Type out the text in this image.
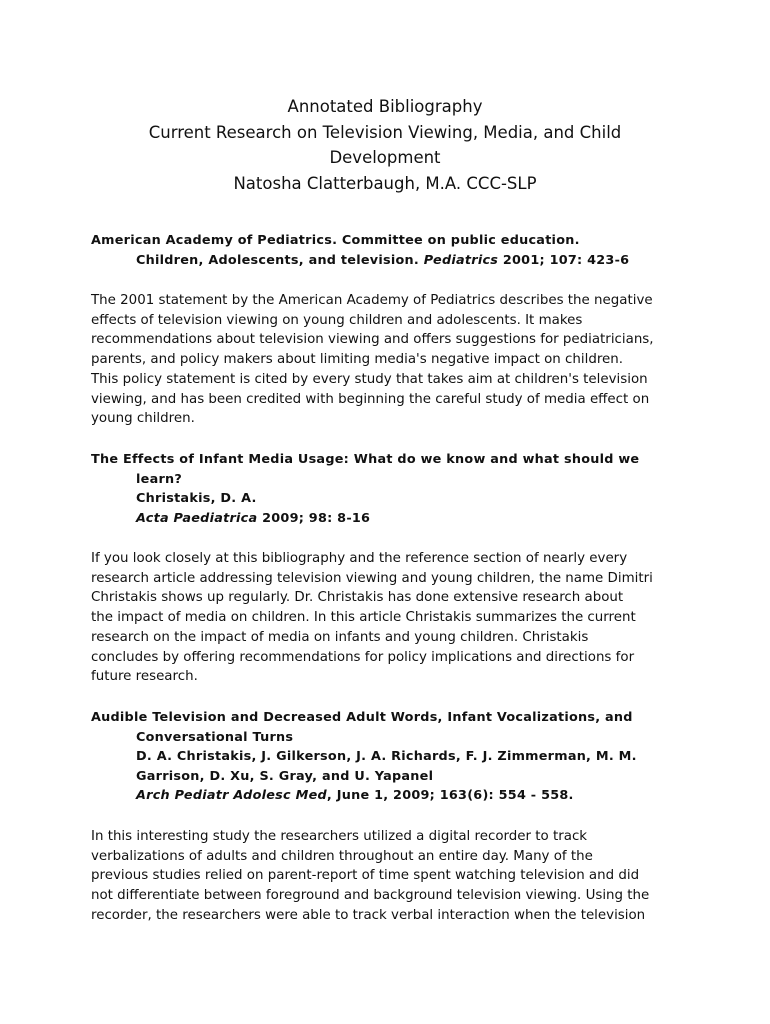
Annotated Bibliography
Current Research on Television Viewing, Media, and Child
Development
Natosha Clatterbaugh, M.A. CCC-SLP
American Academy of Pediatrics. Committee on public education.
Children, Adolescents, and television. Pediatrics 2001; 107: 423-6
The 2001 statement by the American Academy of Pediatrics describes the negative
effects of television viewing on young children and adolescents. It makes
recommendations about television viewing and offers suggestions for pediatricians,
parents, and policy makers about limiting media's negative impact on children.
This policy statement is cited by every study that takes aim at children's television
viewing, and has been credited with beginning the careful study of media effect on
young children.
The Effects of Infant Media Usage: What do we know and what should we
learn?
Christakis, D. A.
Acta Paediatrica 2009; 98: 8-16
If you look closely at this bibliography and the reference section of nearly every
research article addressing television viewing and young children, the name Dimitri
Christakis shows up regularly. Dr. Christakis has done extensive research about
the impact of media on children. In this article Christakis summarizes the current
research on the impact of media on infants and young children. Christakis
concludes by offering recommendations for policy implications and directions for
future research.
Audible Television and Decreased Adult Words, Infant Vocalizations, and
Conversational Turns
D. A. Christakis, J. Gilkerson, J. A. Richards, F. J. Zimmerman, M. M.
Garrison, D. Xu, S. Gray, and U. Yapanel
Arch Pediatr Adolesc Med, June 1, 2009; 163(6): 554 - 558.
In this interesting study the researchers utilized a digital recorder to track
verbalizations of adults and children throughout an entire day. Many of the
previous studies relied on parent-report of time spent watching television and did
not differentiate between foreground and background television viewing. Using the
recorder, the researchers were able to track verbal interaction when the television
